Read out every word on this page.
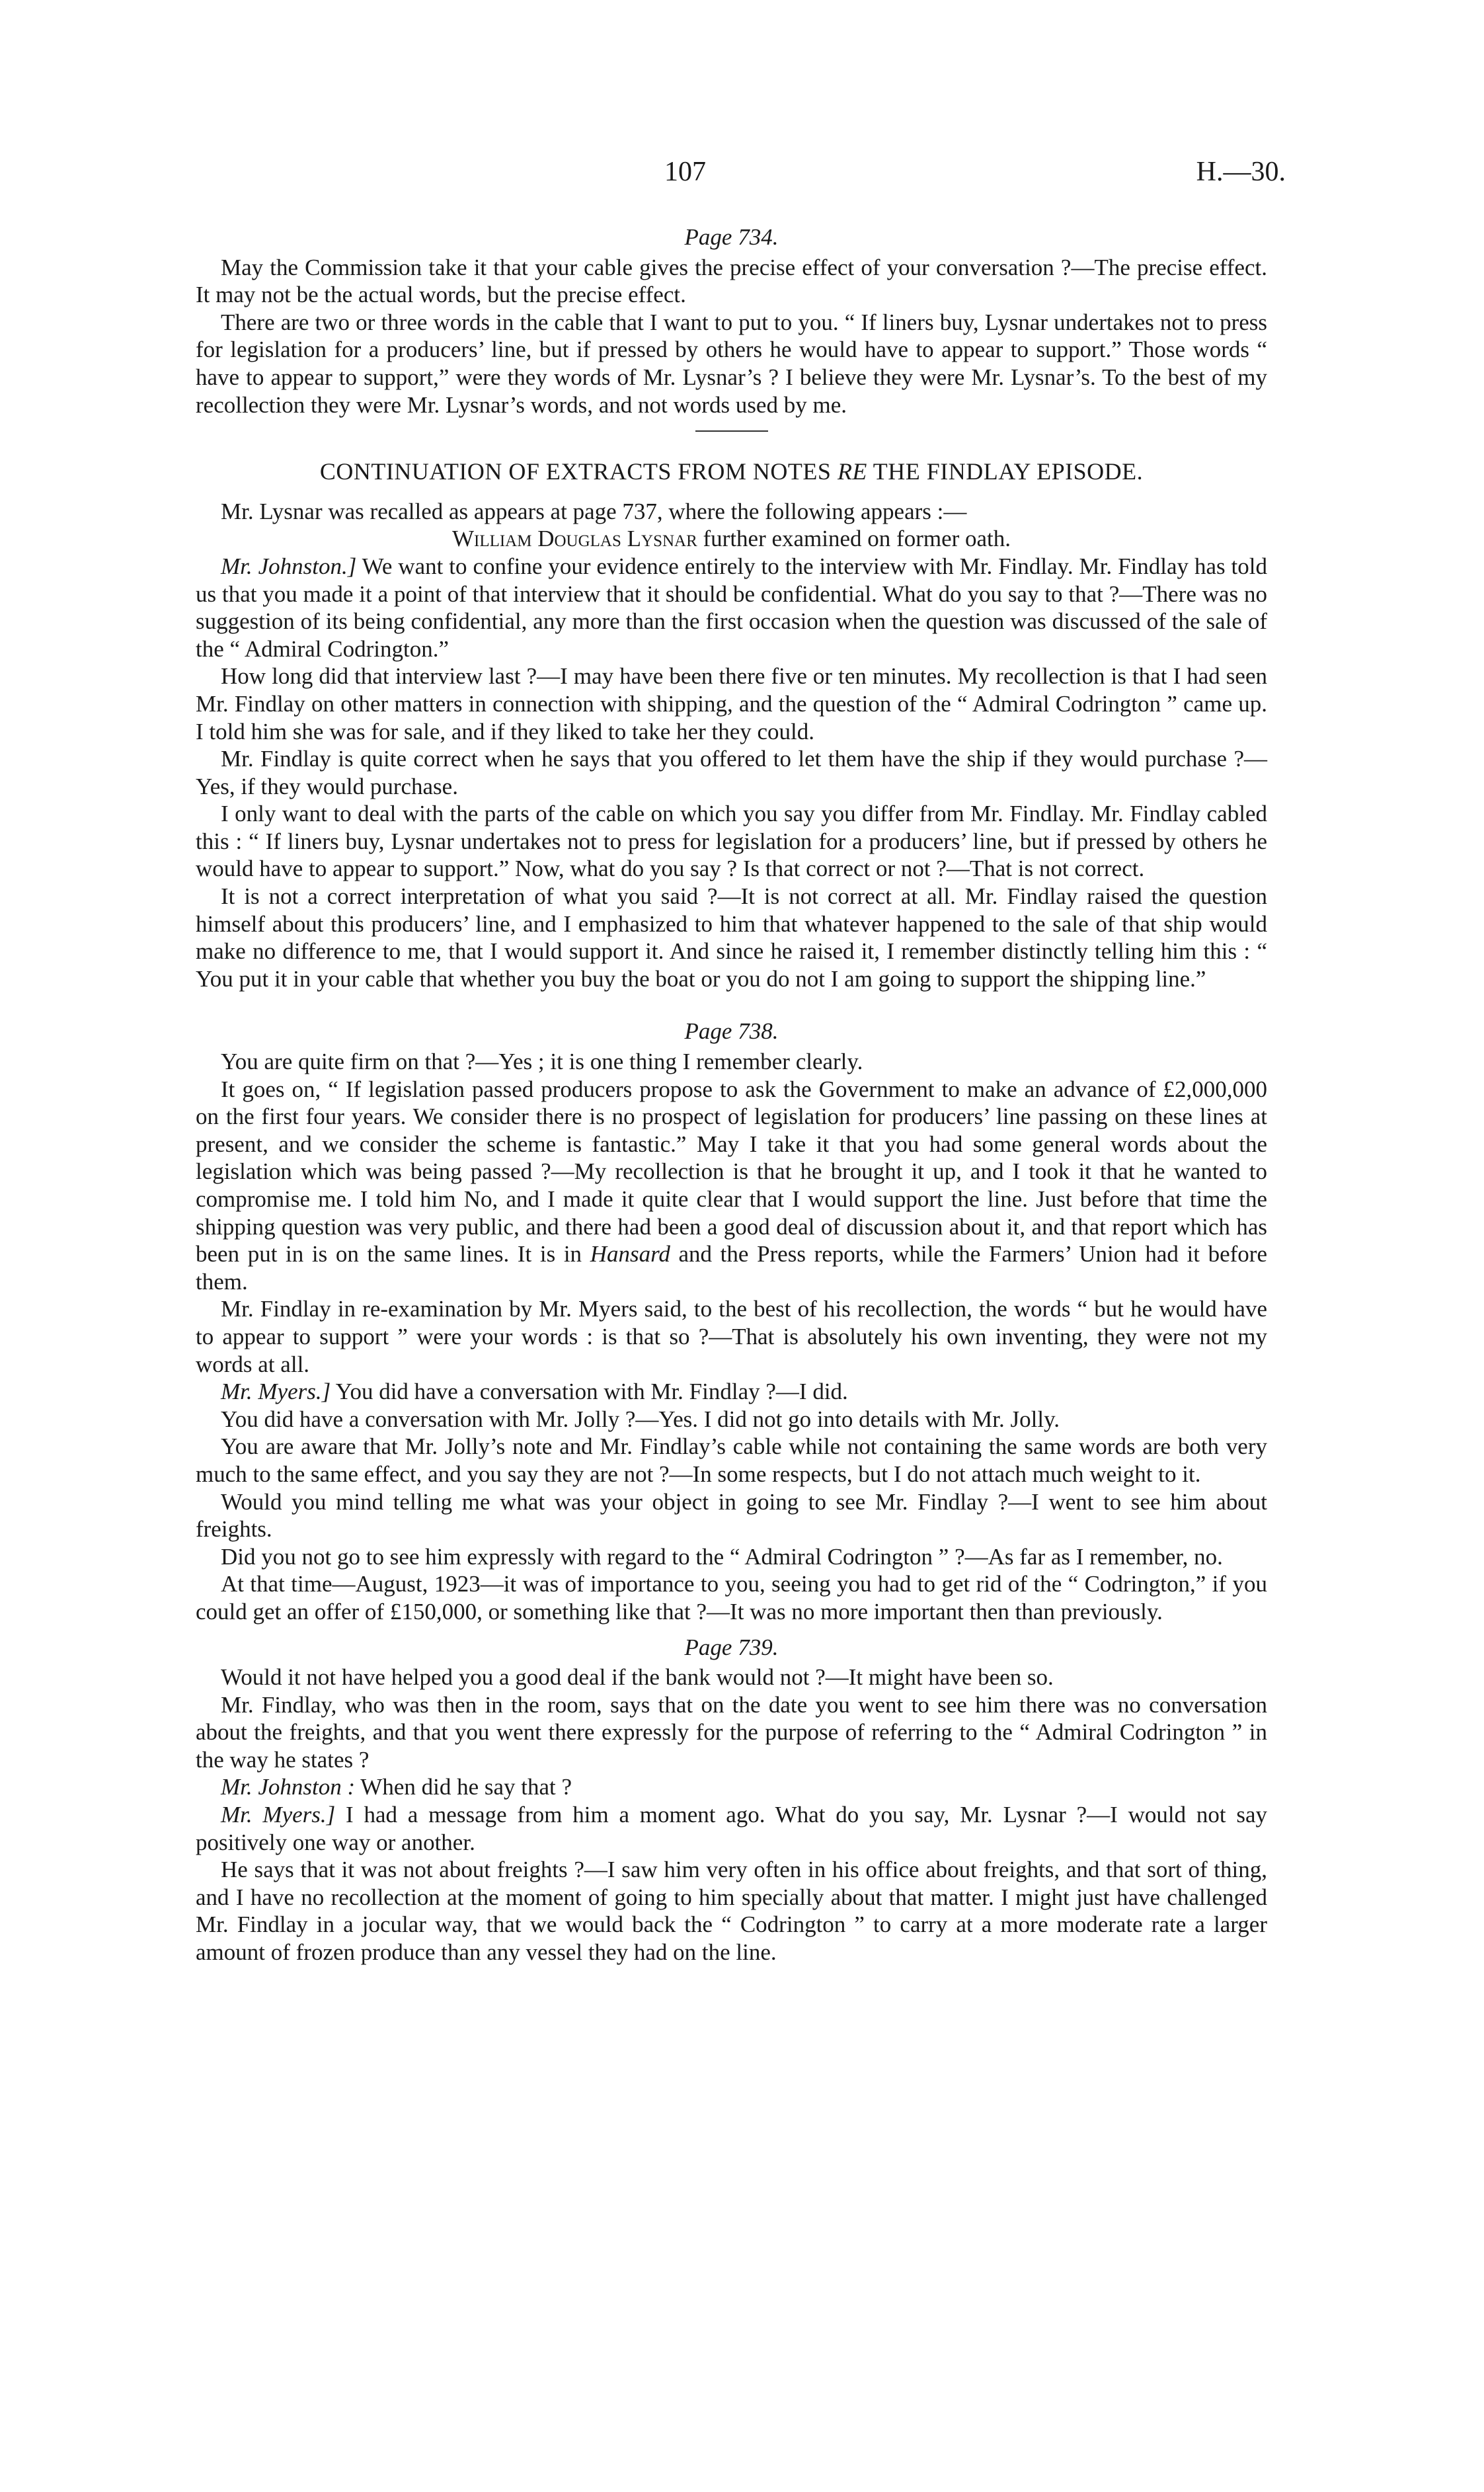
107	H.—30.

Page 734.

May the Commission take it that your cable gives the precise effect of your conversation ?—The precise effect. It may not be the actual words, but the precise effect.

There are two or three words in the cable that I want to put to you. “ If liners buy, Lysnar undertakes not to press for legislation for a producers’ line, but if pressed by others he would have to appear to support.” Those words “ have to appear to support,” were they words of Mr. Lysnar’s ? I believe they were Mr. Lysnar’s. To the best of my recollection they were Mr. Lysnar’s words, and not words used by me.

CONTINUATION OF EXTRACTS FROM NOTES RE THE FINDLAY EPISODE.

Mr. Lysnar was recalled as appears at page 737, where the following appears :—

William Douglas Lysnar further examined on former oath.

Mr. Johnston.] We want to confine your evidence entirely to the interview with Mr. Findlay. Mr. Findlay has told us that you made it a point of that interview that it should be confidential. What do you say to that ?—There was no suggestion of its being confidential, any more than the first occasion when the question was discussed of the sale of the “ Admiral Codrington.”

How long did that interview last ?—I may have been there five or ten minutes. My recollection is that I had seen Mr. Findlay on other matters in connection with shipping, and the question of the “ Admiral Codrington ” came up. I told him she was for sale, and if they liked to take her they could.

Mr. Findlay is quite correct when he says that you offered to let them have the ship if they would purchase ?—Yes, if they would purchase.

I only want to deal with the parts of the cable on which you say you differ from Mr. Findlay. Mr. Findlay cabled this : “ If liners buy, Lysnar undertakes not to press for legislation for a producers’ line, but if pressed by others he would have to appear to support.” Now, what do you say ? Is that correct or not ?—That is not correct.

It is not a correct interpretation of what you said ?—It is not correct at all. Mr. Findlay raised the question himself about this producers’ line, and I emphasized to him that whatever happened to the sale of that ship would make no difference to me, that I would support it. And since he raised it, I remember distinctly telling him this : “ You put it in your cable that whether you buy the boat or you do not I am going to support the shipping line.”

Page 738.

You are quite firm on that ?—Yes ; it is one thing I remember clearly.

It goes on, “ If legislation passed producers propose to ask the Government to make an advance of £2,000,000 on the first four years. We consider there is no prospect of legislation for producers’ line passing on these lines at present, and we consider the scheme is fantastic.” May I take it that you had some general words about the legislation which was being passed ?—My recollection is that he brought it up, and I took it that he wanted to compromise me. I told him No, and I made it quite clear that I would support the line. Just before that time the shipping question was very public, and there had been a good deal of discussion about it, and that report which has been put in is on the same lines. It is in Hansard and the Press reports, while the Farmers’ Union had it before them.

Mr. Findlay in re-examination by Mr. Myers said, to the best of his recollection, the words “ but he would have to appear to support ” were your words : is that so ?—That is absolutely his own inventing, they were not my words at all.

Mr. Myers.] You did have a conversation with Mr. Findlay ?—I did.

You did have a conversation with Mr. Jolly ?—Yes. I did not go into details with Mr. Jolly.

You are aware that Mr. Jolly’s note and Mr. Findlay’s cable while not containing the same words are both very much to the same effect, and you say they are not ?—In some respects, but I do not attach much weight to it.

Would you mind telling me what was your object in going to see Mr. Findlay ?—I went to see him about freights.

Did you not go to see him expressly with regard to the “ Admiral Codrington ” ?—As far as I remember, no.

At that time—August, 1923—it was of importance to you, seeing you had to get rid of the “ Codrington,” if you could get an offer of £150,000, or something like that ?—It was no more important then than previously.

Page 739.

Would it not have helped you a good deal if the bank would not ?—It might have been so.

Mr. Findlay, who was then in the room, says that on the date you went to see him there was no conversation about the freights, and that you went there expressly for the purpose of referring to the “ Admiral Codrington ” in the way he states ?

Mr. Johnston : When did he say that ?

Mr. Myers.] I had a message from him a moment ago. What do you say, Mr. Lysnar ?—I would not say positively one way or another.

He says that it was not about freights ?—I saw him very often in his office about freights, and that sort of thing, and I have no recollection at the moment of going to him specially about that matter. I might just have challenged Mr. Findlay in a jocular way, that we would back the “ Codrington ” to carry at a more moderate rate a larger amount of frozen produce than any vessel they had on the line.
